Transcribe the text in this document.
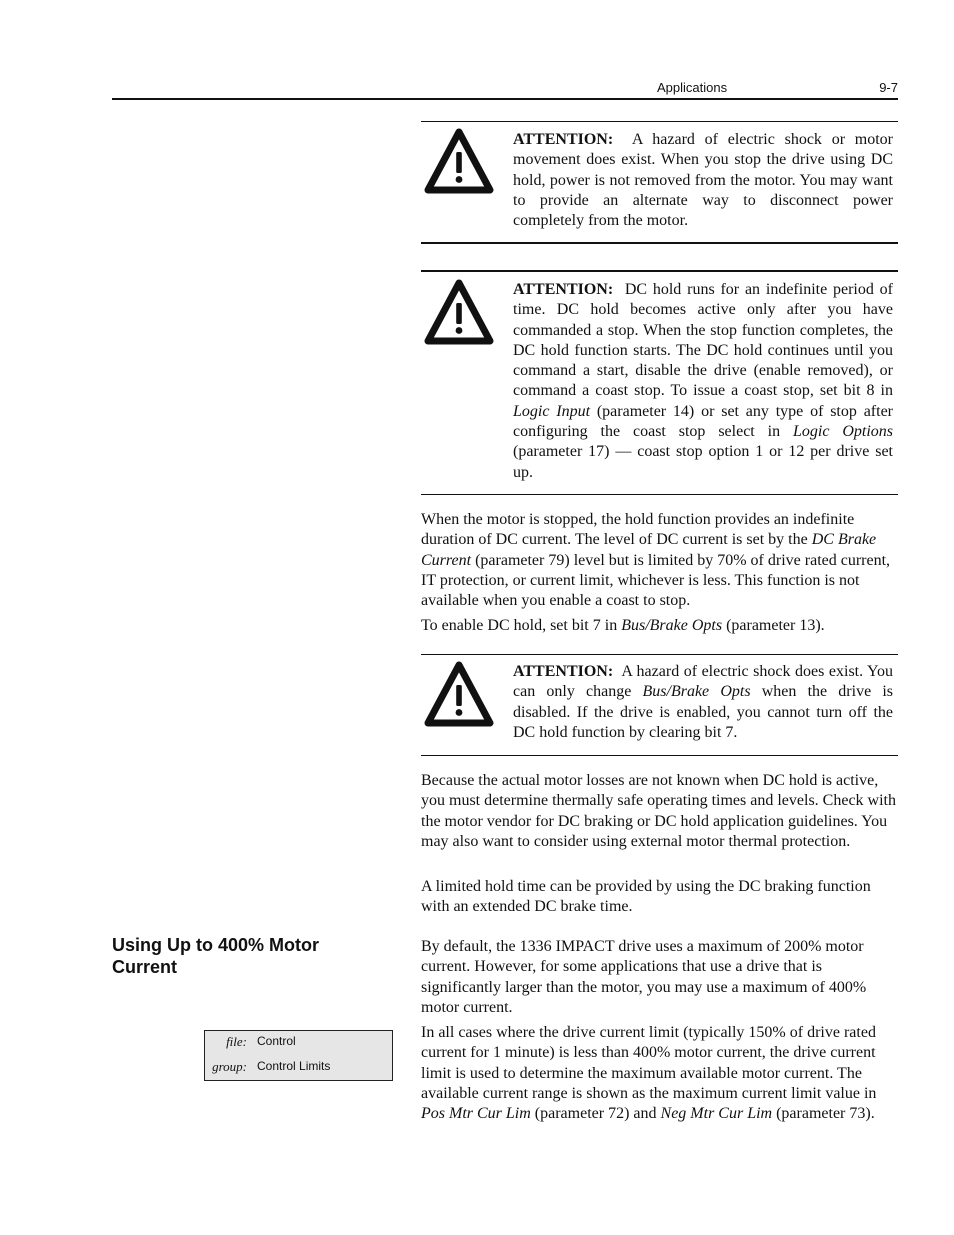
Applications	9-7
ATTENTION: A hazard of electric shock or motor movement does exist. When you stop the drive using DC hold, power is not removed from the motor. You may want to provide an alternate way to disconnect power completely from the motor.
ATTENTION: DC hold runs for an indefinite period of time. DC hold becomes active only after you have commanded a stop. When the stop function completes, the DC hold function starts. The DC hold continues until you command a start, disable the drive (enable removed), or command a coast stop. To issue a coast stop, set bit 8 in Logic Input (parameter 14) or set any type of stop after configuring the coast stop select in Logic Options (parameter 17) — coast stop option 1 or 12 per drive set up.
When the motor is stopped, the hold function provides an indefinite duration of DC current. The level of DC current is set by the DC Brake Current (parameter 79) level but is limited by 70% of drive rated current, IT protection, or current limit, whichever is less. This function is not available when you enable a coast to stop.
To enable DC hold, set bit 7 in Bus/Brake Opts (parameter 13).
ATTENTION: A hazard of electric shock does exist. You can only change Bus/Brake Opts when the drive is disabled. If the drive is enabled, you cannot turn off the DC hold function by clearing bit 7.
Because the actual motor losses are not known when DC hold is active, you must determine thermally safe operating times and levels. Check with the motor vendor for DC braking or DC hold application guidelines. You may also want to consider using external motor thermal protection.
A limited hold time can be provided by using the DC braking function with an extended DC brake time.
Using Up to 400% Motor Current
By default, the 1336 IMPACT drive uses a maximum of 200% motor current. However, for some applications that use a drive that is significantly larger than the motor, you may use a maximum of 400% motor current.
In all cases where the drive current limit (typically 150% of drive rated current for 1 minute) is less than 400% motor current, the drive current limit is used to determine the maximum available motor current. The available current range is shown as the maximum current limit value in Pos Mtr Cur Lim (parameter 72) and Neg Mtr Cur Lim (parameter 73).
file: Control
group: Control Limits
